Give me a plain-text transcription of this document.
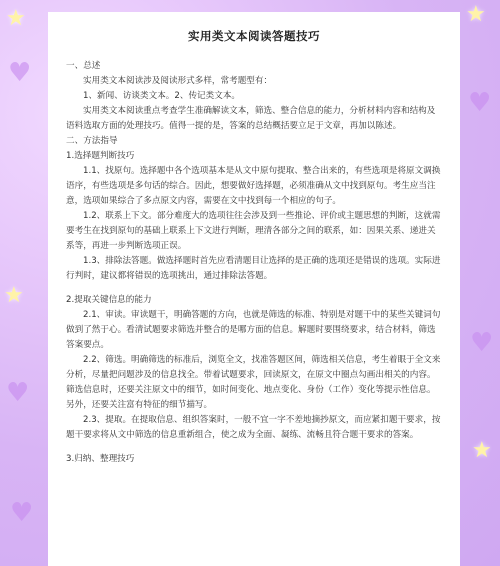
★	★
★
★
♥
♥
♥
♥
♥
实用类文本阅读答题技巧
一、总述
实用类文本阅读涉及阅读形式多样，常考题型有：
1、新闻、访谈类文本。2、传记类文本。
实用类文本阅读重点考查学生准确解读文本，筛选、整合信息的能力，分析材料内容和结构及语料选取方面的处理技巧。值得一提的是，答案的总结概括要立足于文章，再加以陈述。
二、方法指导
1.选择题判断技巧
1.1、找原句。选择题中各个选项基本是从文中原句提取、整合出来的，有些选项是将原文调换语序，有些选项是多句话的综合。因此，想要做好选择题，必须准确从文中找到原句。考生应当注意，选项如果综合了多点原文内容，需要在文中找到每一个相应的句子。
1.2、联系上下文。部分难度大的选项往往会涉及到一些推论、评价或主题思想的判断，这就需要考生在找到原句的基础上联系上下文进行判断，理清各部分之间的联系，如：因果关系、递进关系等，再进一步判断选项正误。
1.3、排除法答题。做选择题时首先应看清题目让选择的是正确的选项还是错误的选项。实际进行判时，建议都将错误的选项挑出，通过排除法答题。
2.提取关键信息的能力
2.1、审读。审读题干，明确答题的方向，也就是筛选的标准、特别是对题干中的某些关键词句做到了然于心。看清试题要求筛选并整合的是哪方面的信息。解题时要围绕要求，结合材料，筛选答案要点。
2.2、筛选。明确筛选的标准后，浏览全文，找准答题区间，筛选相关信息，考生着眼于全文来分析，尽量把问题涉及的信息找全。带着试题要求，回读原文，在原文中圈点勾画出相关的内容。筛选信息时，还要关注原文中的细节，如时间变化、地点变化、身份（工作）变化等提示性信息。另外，还要关注富有特征的细节描写。
2.3、提取。在提取信息、组织答案时，一般不宜一字不差地摘抄原文，而应紧扣题干要求，按题干要求将从文中筛选的信息重新组合，使之成为全面、凝练、流畅且符合题干要求的答案。
3.归纳、整理技巧
